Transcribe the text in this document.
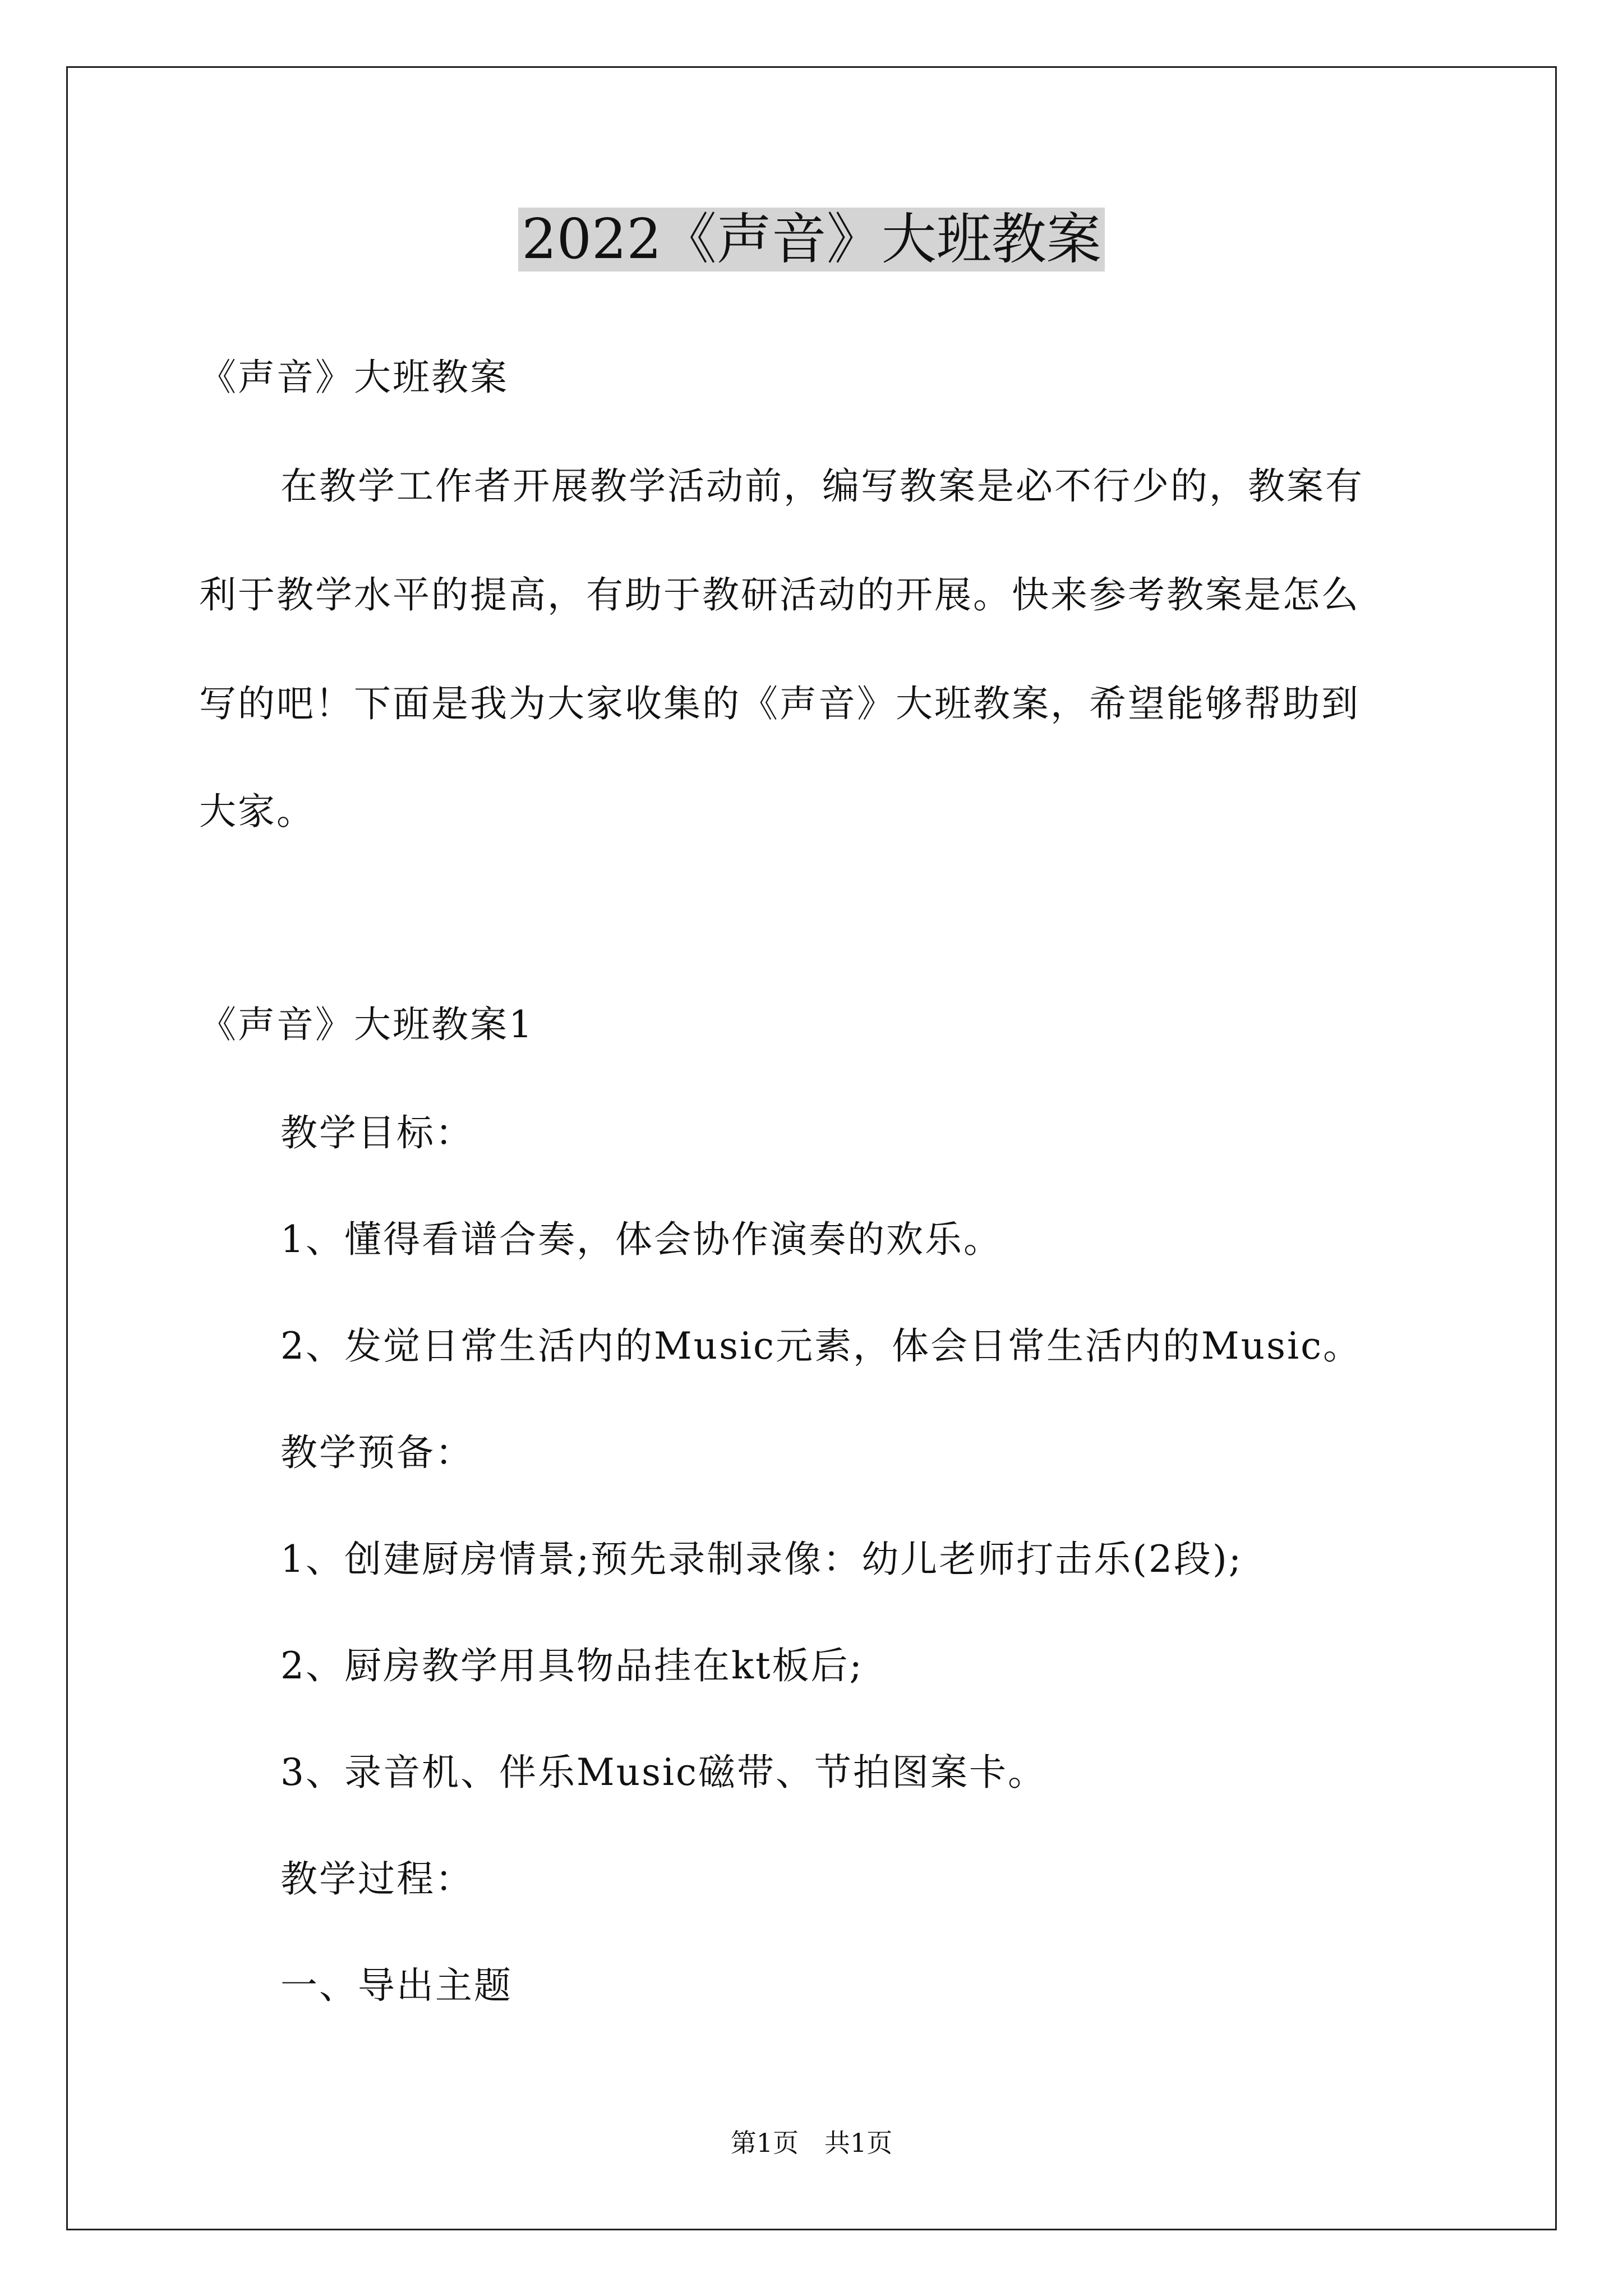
2022《声音》大班教案
《声音》大班教案
在教学工作者开展教学活动前，编写教案是必不行少的，教案有
利于教学水平的提高，有助于教研活动的开展。快来参考教案是怎么
写的吧！下面是我为大家收集的《声音》大班教案，希望能够帮助到
大家。
《声音》大班教案1
教学目标：
1、懂得看谱合奏，体会协作演奏的欢乐。
2、发觉日常生活内的Music元素，体会日常生活内的Music。
教学预备：
1、创建厨房情景;预先录制录像：幼儿老师打击乐(2段);
2、厨房教学用具物品挂在kt板后;
3、录音机、伴乐Music磁带、节拍图案卡。
教学过程：
一、导出主题
第1页　共1页
